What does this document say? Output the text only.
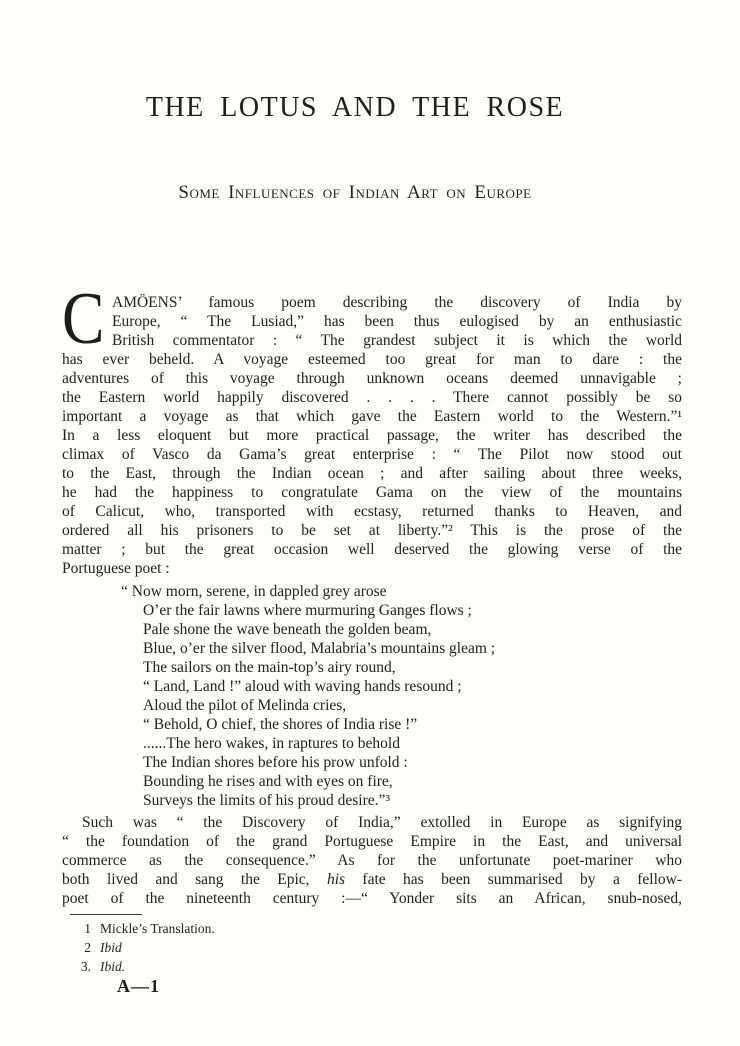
THE LOTUS AND THE ROSE
Some Influences of Indian Art on Europe
C AMÖENS’ famous poem describing the discovery of India by
Europe, “ The Lusiad,” has been thus eulogised by an enthusiastic
British commentator : “ The grandest subject it is which the world
has ever beheld. A voyage esteemed too great for man to dare : the
adventures of this voyage through unknown oceans deemed unnavigable ;
the Eastern world happily discovered . . . . There cannot possibly be so
important a voyage as that which gave the Eastern world to the Western.”¹
In a less eloquent but more practical passage, the writer has described the
climax of Vasco da Gama’s great enterprise : “ The Pilot now stood out
to the East, through the Indian ocean ; and after sailing about three weeks,
he had the happiness to congratulate Gama on the view of the mountains
of Calicut, who, transported with ecstasy, returned thanks to Heaven, and
ordered all his prisoners to be set at liberty.”² This is the prose of the
matter ; but the great occasion well deserved the glowing verse of the
Portuguese poet :
“ Now morn, serene, in dappled grey arose
O’er the fair lawns where murmuring Ganges flows ;
Pale shone the wave beneath the golden beam,
Blue, o’er the silver flood, Malabria’s mountains gleam ;
The sailors on the main-top’s airy round,
“ Land, Land !” aloud with waving hands resound ;
Aloud the pilot of Melinda cries,
“ Behold, O chief, the shores of India rise !”
......The hero wakes, in raptures to behold
The Indian shores before his prow unfold :
Bounding he rises and with eyes on fire,
Surveys the limits of his proud desire.”³
Such was “ the Discovery of India,” extolled in Europe as signifying
“ the foundation of the grand Portuguese Empire in the East, and universal
commerce as the consequence.” As for the unfortunate poet-mariner who
both lived and sang the Epic, his fate has been summarised by a fellow-
poet of the nineteenth century :—“ Yonder sits an African, snub-nosed,
1 Mickle’s Translation.
2 Ibid
3. Ibid.
A—1
